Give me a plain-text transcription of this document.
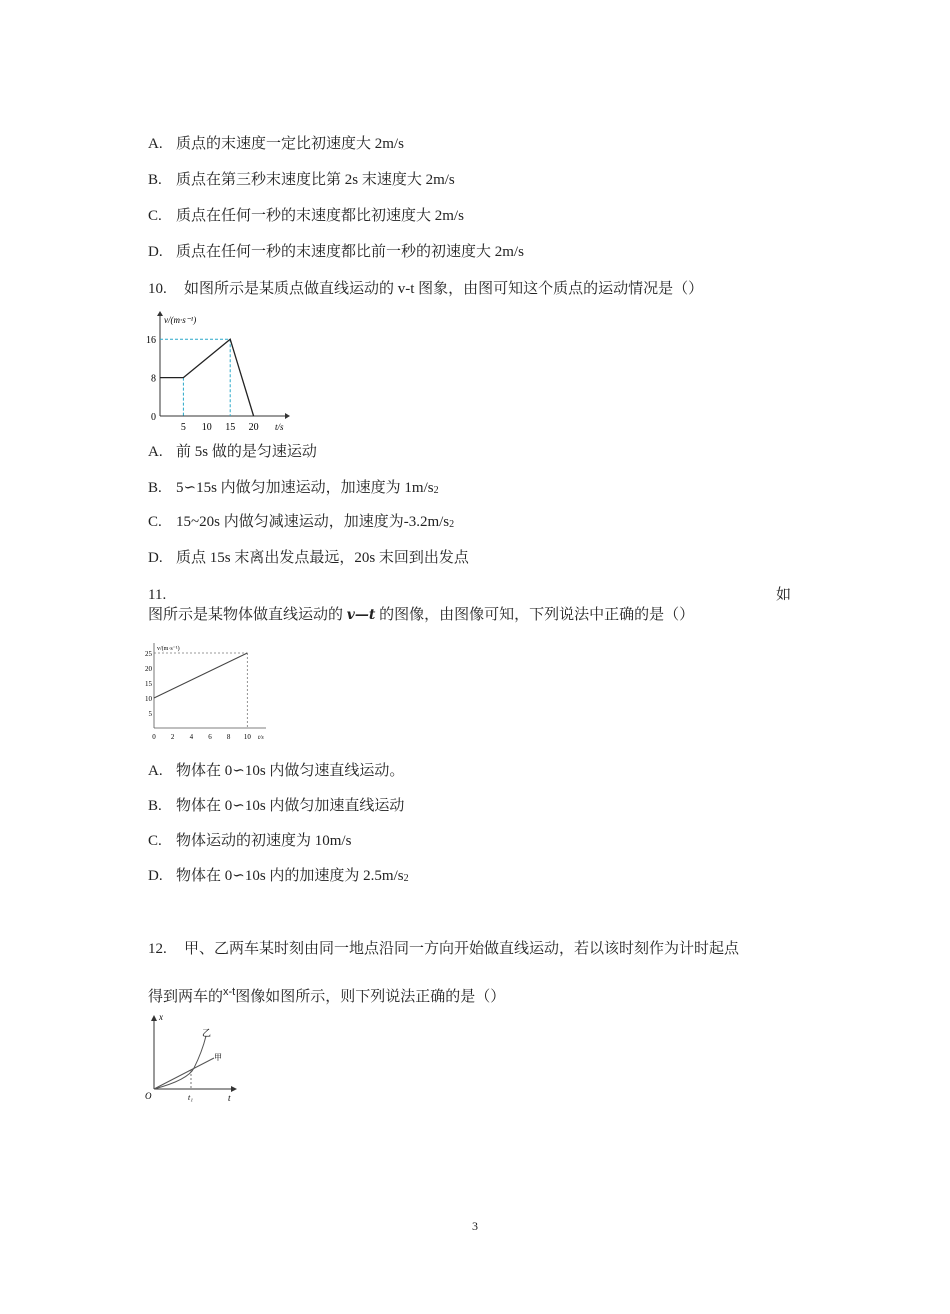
A. 质点的末速度一定比初速度大 2m/s
B. 质点在第三秒末速度比第 2s 末速度大 2m/s
C. 质点在任何一秒的末速度都比初速度大 2m/s
D. 质点在任何一秒的末速度都比前一秒的初速度大 2m/s
10. 如图所示是某质点做直线运动的 v-t 图象，由图可知这个质点的运动情况是（）
v/(m·s⁻¹)
t/s
5 10 15 20
0
8
16
A. 前 5s 做的是匀速运动
B. 5∽15s 内做匀加速运动，加速度为 1m/s2
C. 15~20s 内做匀减速运动，加速度为-3.2m/s2
D. 质点 15s 末离出发点最远，20s 末回到出发点
11.	如
图所示是某物体做直线运动的 v—t 的图像，由图像可知，下列说法中正确的是（）
v/(m·s⁻¹)
t/s
0 2 4 6 8 10
5
10
15
20
25
A. 物体在 0∽10s 内做匀速直线运动。
B. 物体在 0∽10s 内做匀加速直线运动
C. 物体运动的初速度为 10m/s
D. 物体在 0∽10s 内的加速度为 2.5m/s2
12. 甲、乙两车某时刻由同一地点沿同一方向开始做直线运动，若以该时刻作为计时起点
得到两车的$^{x-t}$图像如图所示，则下列说法正确的是（）
x
t
O	t₁
乙
甲
3
